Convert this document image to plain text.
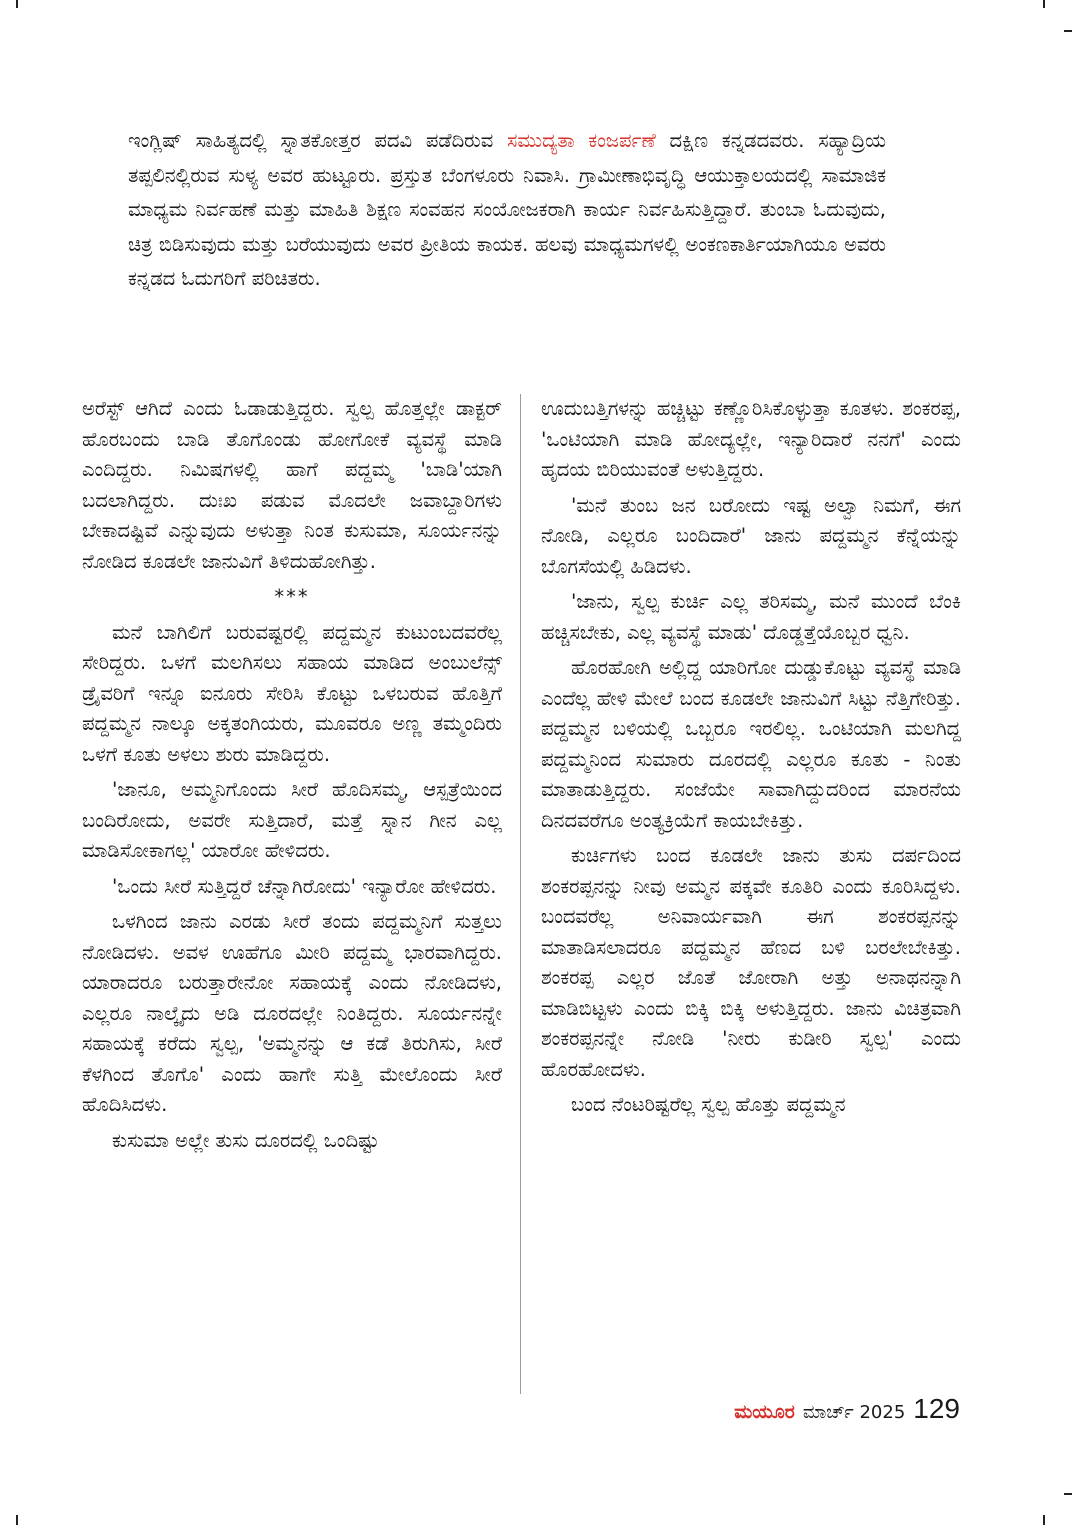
ಇಂಗ್ಲಿಷ್ ಸಾಹಿತ್ಯದಲ್ಲಿ ಸ್ನಾತಕೋತ್ತರ ಪದವಿ ಪಡೆದಿರುವ ಸಮುದ್ಯತಾ ಕಂಜರ್ಪಣೆ ದಕ್ಷಿಣ ಕನ್ನಡದವರು. ಸಹ್ಯಾದ್ರಿಯ ತಪ್ಪಲಿನಲ್ಲಿರುವ ಸುಳ್ಯ ಅವರ ಹುಟ್ಟೂರು. ಪ್ರಸ್ತುತ ಬೆಂಗಳೂರು ನಿವಾಸಿ. ಗ್ರಾಮೀಣಾಭಿವೃದ್ಧಿ ಆಯುಕ್ತಾಲಯದಲ್ಲಿ ಸಾಮಾಜಿಕ ಮಾಧ್ಯಮ ನಿರ್ವಹಣೆ ಮತ್ತು ಮಾಹಿತಿ ಶಿಕ್ಷಣ ಸಂವಹನ ಸಂಯೋಜಕರಾಗಿ ಕಾರ್ಯ ನಿರ್ವಹಿಸುತ್ತಿದ್ದಾರೆ. ತುಂಬಾ ಓದುವುದು, ಚಿತ್ರ ಬಿಡಿಸುವುದು ಮತ್ತು ಬರೆಯುವುದು ಅವರ ಪ್ರೀತಿಯ ಕಾಯಕ. ಹಲವು ಮಾಧ್ಯಮಗಳಲ್ಲಿ ಅಂಕಣಕಾರ್ತಿಯಾಗಿಯೂ ಅವರು ಕನ್ನಡದ ಓದುಗರಿಗೆ ಪರಿಚಿತರು.

ಅರೆಸ್ಟ್ ಆಗಿದೆ ಎಂದು ಓಡಾಡುತ್ತಿದ್ದರು. ಸ್ವಲ್ಪ ಹೊತ್ತಲ್ಲೇ ಡಾಕ್ಟರ್ ಹೊರಬಂದು ಬಾಡಿ ತೊಗೊಂಡು ಹೋಗೋಕೆ ವ್ಯವಸ್ಥೆ ಮಾಡಿ ಎಂದಿದ್ದರು. ನಿಮಿಷಗಳಲ್ಲಿ ಹಾಗೆ ಪದ್ದಮ್ಮ 'ಬಾಡಿ'ಯಾಗಿ ಬದಲಾಗಿದ್ದರು. ದುಃಖ ಪಡುವ ಮೊದಲೇ ಜವಾಬ್ದಾರಿಗಳು ಬೇಕಾದಷ್ಟಿವೆ ಎನ್ನುವುದು ಅಳುತ್ತಾ ನಿಂತ ಕುಸುಮಾ, ಸೂರ್ಯನನ್ನು ನೋಡಿದ ಕೂಡಲೇ ಜಾನುವಿಗೆ ತಿಳಿದುಹೋಗಿತ್ತು.

***

ಮನೆ ಬಾಗಿಲಿಗೆ ಬರುವಷ್ಟರಲ್ಲಿ ಪದ್ದಮ್ಮನ ಕುಟುಂಬದವರೆಲ್ಲ ಸೇರಿದ್ದರು. ಒಳಗೆ ಮಲಗಿಸಲು ಸಹಾಯ ಮಾಡಿದ ಅಂಬುಲೆನ್ಸ್ ಡ್ರೈವರಿಗೆ ಇನ್ನೂ ಐನೂರು ಸೇರಿಸಿ ಕೊಟ್ಟು ಒಳಬರುವ ಹೊತ್ತಿಗೆ ಪದ್ದಮ್ಮನ ನಾಲ್ಕೂ ಅಕ್ಕತಂಗಿಯರು, ಮೂವರೂ ಅಣ್ಣ ತಮ್ಮಂದಿರು ಒಳಗೆ ಕೂತು ಅಳಲು ಶುರು ಮಾಡಿದ್ದರು.

'ಜಾನೂ, ಅಮ್ಮನಿಗೊಂದು ಸೀರೆ ಹೊದಿಸಮ್ಮ, ಆಸ್ಪತ್ರೆಯಿಂದ ಬಂದಿರೋದು, ಅವರೇ ಸುತ್ತಿದಾರೆ, ಮತ್ತೆ ಸ್ನಾನ ಗೀನ ಎಲ್ಲ ಮಾಡಿಸೋಕಾಗಲ್ಲ' ಯಾರೋ ಹೇಳಿದರು.

'ಒಂದು ಸೀರೆ ಸುತ್ತಿದ್ದರೆ ಚೆನ್ನಾಗಿರೋದು' ಇನ್ಯಾರೋ ಹೇಳಿದರು.

ಒಳಗಿಂದ ಜಾನು ಎರಡು ಸೀರೆ ತಂದು ಪದ್ದಮ್ಮನಿಗೆ ಸುತ್ತಲು ನೋಡಿದಳು. ಅವಳ ಊಹೆಗೂ ಮೀರಿ ಪದ್ದಮ್ಮ ಭಾರವಾಗಿದ್ದರು. ಯಾರಾದರೂ ಬರುತ್ತಾರೇನೋ ಸಹಾಯಕ್ಕೆ ಎಂದು ನೋಡಿದಳು, ಎಲ್ಲರೂ ನಾಲ್ಕೈದು ಅಡಿ ದೂರದಲ್ಲೇ ನಿಂತಿದ್ದರು. ಸೂರ್ಯನನ್ನೇ ಸಹಾಯಕ್ಕೆ ಕರೆದು ಸ್ವಲ್ಪ, 'ಅಮ್ಮನನ್ನು ಆ ಕಡೆ ತಿರುಗಿಸು, ಸೀರೆ ಕೆಳಗಿಂದ ತೊಗೊ' ಎಂದು ಹಾಗೇ ಸುತ್ತಿ ಮೇಲೊಂದು ಸೀರೆ ಹೊದಿಸಿದಳು.

ಕುಸುಮಾ ಅಲ್ಲೇ ತುಸು ದೂರದಲ್ಲಿ ಒಂದಿಷ್ಟು

ಊದುಬತ್ತಿಗಳನ್ನು ಹಚ್ಚಿಟ್ಟು ಕಣ್ಣೊರಿಸಿಕೊಳ್ಳುತ್ತಾ ಕೂತಳು. ಶಂಕರಪ್ಪ, 'ಒಂಟಿಯಾಗಿ ಮಾಡಿ ಹೋದ್ಯಲ್ಲೇ, ಇನ್ಯಾರಿದಾರೆ ನನಗೆ' ಎಂದು ಹೃದಯ ಬಿರಿಯುವಂತೆ ಅಳುತ್ತಿದ್ದರು.

'ಮನೆ ತುಂಬ ಜನ ಬರೋದು ಇಷ್ಟ ಅಲ್ವಾ ನಿಮಗೆ, ಈಗ ನೋಡಿ, ಎಲ್ಲರೂ ಬಂದಿದಾರೆ' ಜಾನು ಪದ್ದಮ್ಮನ ಕೆನ್ನೆಯನ್ನು ಬೊಗಸೆಯಲ್ಲಿ ಹಿಡಿದಳು.

'ಜಾನು, ಸ್ವಲ್ಪ ಕುರ್ಚಿ ಎಲ್ಲ ತರಿಸಮ್ಮ, ಮನೆ ಮುಂದೆ ಬೆಂಕಿ ಹಚ್ಚಿಸಬೇಕು, ಎಲ್ಲ ವ್ಯವಸ್ಥೆ ಮಾಡು' ದೊಡ್ಡತ್ತೆಯೊಬ್ಬರ ಧ್ವನಿ.

ಹೊರಹೋಗಿ ಅಲ್ಲಿದ್ದ ಯಾರಿಗೋ ದುಡ್ಡುಕೊಟ್ಟು ವ್ಯವಸ್ಥೆ ಮಾಡಿ ಎಂದೆಲ್ಲ ಹೇಳಿ ಮೇಲೆ ಬಂದ ಕೂಡಲೇ ಜಾನುವಿಗೆ ಸಿಟ್ಟು ನೆತ್ತಿಗೇರಿತ್ತು. ಪದ್ದಮ್ಮನ ಬಳಿಯಲ್ಲಿ ಒಬ್ಬರೂ ಇರಲಿಲ್ಲ. ಒಂಟಿಯಾಗಿ ಮಲಗಿದ್ದ ಪದ್ದಮ್ಮನಿಂದ ಸುಮಾರು ದೂರದಲ್ಲಿ ಎಲ್ಲರೂ ಕೂತು - ನಿಂತು ಮಾತಾಡುತ್ತಿದ್ದರು. ಸಂಜೆಯೇ ಸಾವಾಗಿದ್ದುದರಿಂದ ಮಾರನೆಯ ದಿನದವರೆಗೂ ಅಂತ್ಯಕ್ರಿಯೆಗೆ ಕಾಯಬೇಕಿತ್ತು.

ಕುರ್ಚಿಗಳು ಬಂದ ಕೂಡಲೇ ಜಾನು ತುಸು ದರ್ಪದಿಂದ ಶಂಕರಪ್ಪನನ್ನು ನೀವು ಅಮ್ಮನ ಪಕ್ಕವೇ ಕೂತಿರಿ ಎಂದು ಕೂರಿಸಿದ್ದಳು. ಬಂದವರೆಲ್ಲ ಅನಿವಾರ್ಯವಾಗಿ ಈಗ ಶಂಕರಪ್ಪನನ್ನು ಮಾತಾಡಿಸಲಾದರೂ ಪದ್ದಮ್ಮನ ಹೆಣದ ಬಳಿ ಬರಲೇಬೇಕಿತ್ತು. ಶಂಕರಪ್ಪ ಎಲ್ಲರ ಜೊತೆ ಜೋರಾಗಿ ಅತ್ತು ಅನಾಥನನ್ನಾಗಿ ಮಾಡಿಬಿಟ್ಟಳು ಎಂದು ಬಿಕ್ಕಿ ಬಿಕ್ಕಿ ಅಳುತ್ತಿದ್ದರು. ಜಾನು ವಿಚಿತ್ರವಾಗಿ ಶಂಕರಪ್ಪನನ್ನೇ ನೋಡಿ 'ನೀರು ಕುಡೀರಿ ಸ್ವಲ್ಪ' ಎಂದು ಹೊರಹೋದಳು.

ಬಂದ ನೆಂಟರಿಷ್ಟರೆಲ್ಲ ಸ್ವಲ್ಪ ಹೊತ್ತು ಪದ್ದಮ್ಮನ

ಮಯೂರ ಮಾರ್ಚ್ 2025 129
